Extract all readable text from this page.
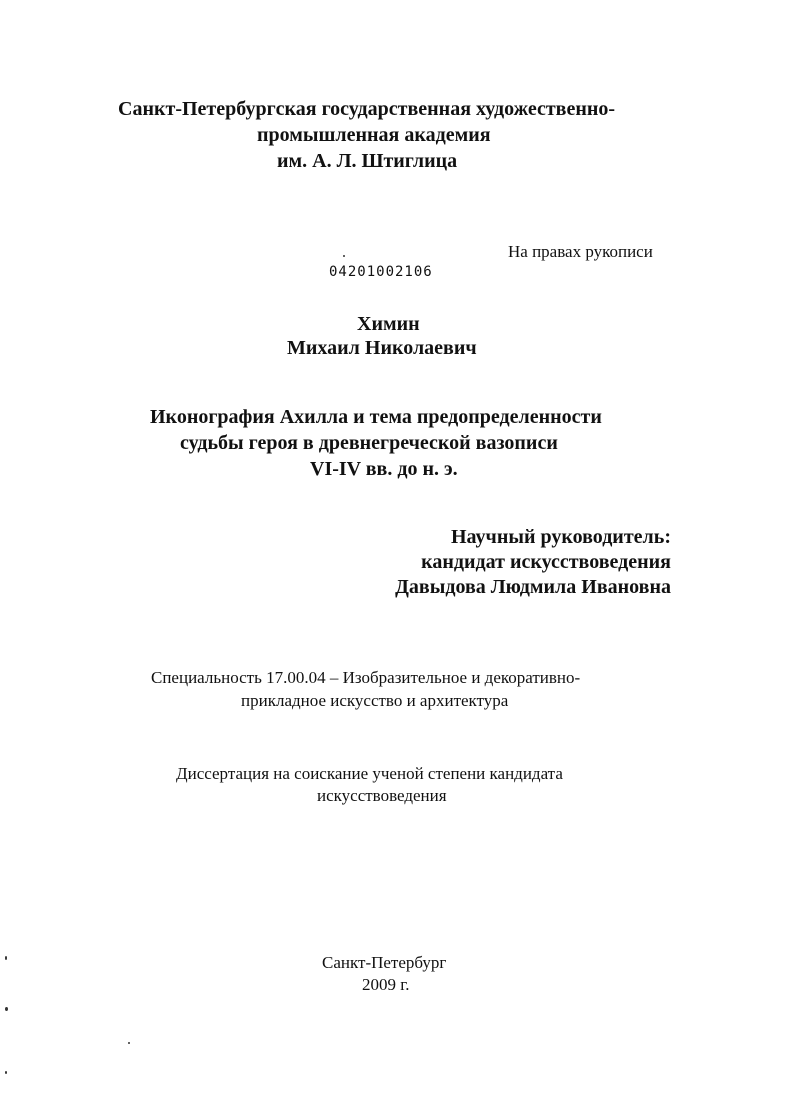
Санкт-Петербургская государственная художественно-
промышленная академия
им. А. Л. Штиглица
На правах рукописи
04201002106
Химин
Михаил Николаевич
Иконография Ахилла и тема предопределенности
судьбы героя в древнегреческой вазописи
VI-IV вв. до н. э.
Научный руководитель:
кандидат искусствоведения
Давыдова Людмила Ивановна
Специальность 17.00.04 – Изобразительное и декоративно-
прикладное искусство и архитектура
Диссертация на соискание ученой степени кандидата
искусствоведения
Санкт-Петербург
2009 г.
